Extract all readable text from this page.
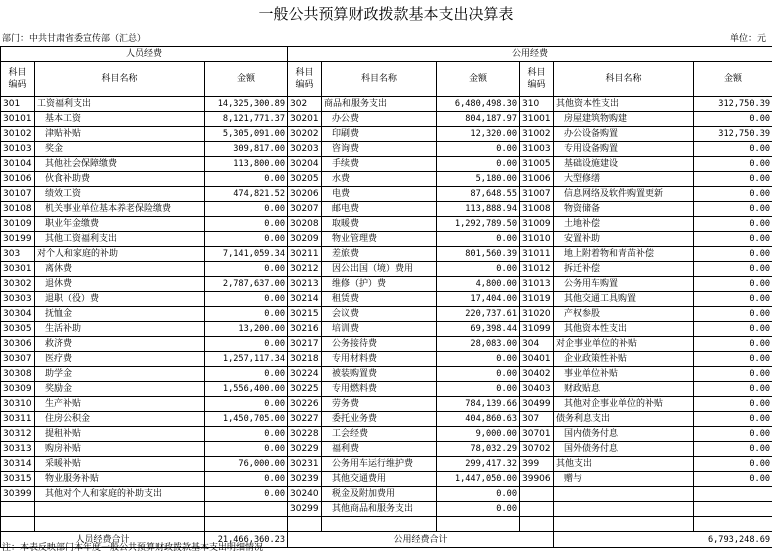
一般公共预算财政拨款基本支出决算表
部门：中共甘肃省委宣传部（汇总）	单位：元
人员经费			公用经费					
科目
编码	科目名称	金额	科目
编码	科目名称	金额	科目
编码	科目名称	金额
301	工资福利支出	14,325,300.89	302	商品和服务支出	6,480,498.30	310	其他资本性支出	312,750.39
30101	基本工资	8,121,771.37	30201	办公费	804,187.97	31001	房屋建筑物购建	0.00
30102	津贴补贴	5,305,091.00	30202	印刷费	12,320.00	31002	办公设备购置	312,750.39
30103	奖金	309,817.00	30203	咨询费	0.00	31003	专用设备购置	0.00
30104	其他社会保障缴费	113,800.00	30204	手续费	0.00	31005	基础设施建设	0.00
30106	伙食补助费	0.00	30205	水费	5,180.00	31006	大型修缮	0.00
30107	绩效工资	474,821.52	30206	电费	87,648.55	31007	信息网络及软件购置更新	0.00
30108	机关事业单位基本养老保险缴费	0.00	30207	邮电费	113,888.94	31008	物资储备	0.00
30109	职业年金缴费	0.00	30208	取暖费	1,292,789.50	31009	土地补偿	0.00
30199	其他工资福利支出	0.00	30209	物业管理费	0.00	31010	安置补助	0.00
303	对个人和家庭的补助	7,141,059.34	30211	差旅费	801,560.39	31011	地上附着物和青苗补偿	0.00
30301	离休费	0.00	30212	因公出国（境）费用	0.00	31012	拆迁补偿	0.00
30302	退休费	2,787,637.00	30213	维修（护）费	4,800.00	31013	公务用车购置	0.00
30303	退职（役）费	0.00	30214	租赁费	17,404.00	31019	其他交通工具购置	0.00
30304	抚恤金	0.00	30215	会议费	220,737.61	31020	产权参股	0.00
30305	生活补助	13,200.00	30216	培训费	69,398.44	31099	其他资本性支出	0.00
30306	救济费	0.00	30217	公务接待费	28,083.00	304	对企事业单位的补贴	0.00
30307	医疗费	1,257,117.34	30218	专用材料费	0.00	30401	企业政策性补贴	0.00
30308	助学金	0.00	30224	被装购置费	0.00	30402	事业单位补贴	0.00
30309	奖励金	1,556,400.00	30225	专用燃料费	0.00	30403	财政贴息	0.00
30310	生产补贴	0.00	30226	劳务费	784,139.66	30499	其他对企事业单位的补贴	0.00
30311	住房公积金	1,450,705.00	30227	委托业务费	404,860.63	307	债务利息支出	0.00
30312	提租补贴	0.00	30228	工会经费	9,000.00	30701	国内债务付息	0.00
30313	购房补贴	0.00	30229	福利费	78,032.29	30702	国外债务付息	0.00
30314	采暖补贴	76,000.00	30231	公务用车运行维护费	299,417.32	399	其他支出	0.00
30315	物业服务补贴	0.00	30239	其他交通费用	1,447,050.00	39906	赠与	0.00
30399	其他对个人和家庭的补助支出	0.00	30240	税金及附加费用	0.00			
			30299	其他商品和服务支出	0.00			

人员经费合计		21,466,360.23	公用经费合计				6,793,248.69	
注：本表反映部门本年度一般公共预算财政拨款基本支出明细情况
